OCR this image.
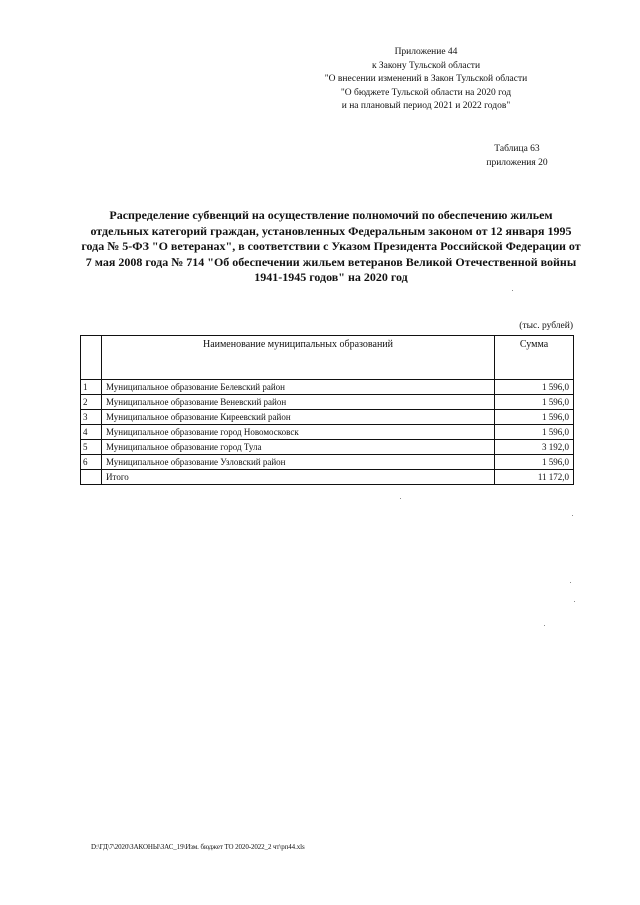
Приложение 44
к Закону Тульской области
"О внесении изменений в Закон Тульской области
"О бюджете Тульской области на 2020 год
и на плановый период 2021 и 2022 годов"
Таблица 63
приложения 20
Распределение субвенций на осуществление полномочий по обеспечению жильем отдельных категорий граждан, установленных Федеральным законом от 12 января 1995 года № 5-ФЗ "О ветеранах", в соответствии с Указом Президента Российской Федерации от 7 мая 2008 года № 714 "Об обеспечении жильем ветеранов Великой Отечественной войны 1941-1945 годов" на 2020 год
(тыс. рублей)
	Наименование муниципальных образований	Сумма
1	Муниципальное образование Белевский район	1 596,0
2	Муниципальное образование Веневский район	1 596,0
3	Муниципальное образование Киреевский район	1 596,0
4	Муниципальное образование город Новомосковск	1 596,0
5	Муниципальное образование город Тула	3 192,0
6	Муниципальное образование Узловский район	1 596,0
	Итого	11 172,0
D:\ГД\7\2020\ЗАКОНЫ\ЗАС_19\Изм. бюджет ТО 2020-2022_2 чт\рп44.xls
